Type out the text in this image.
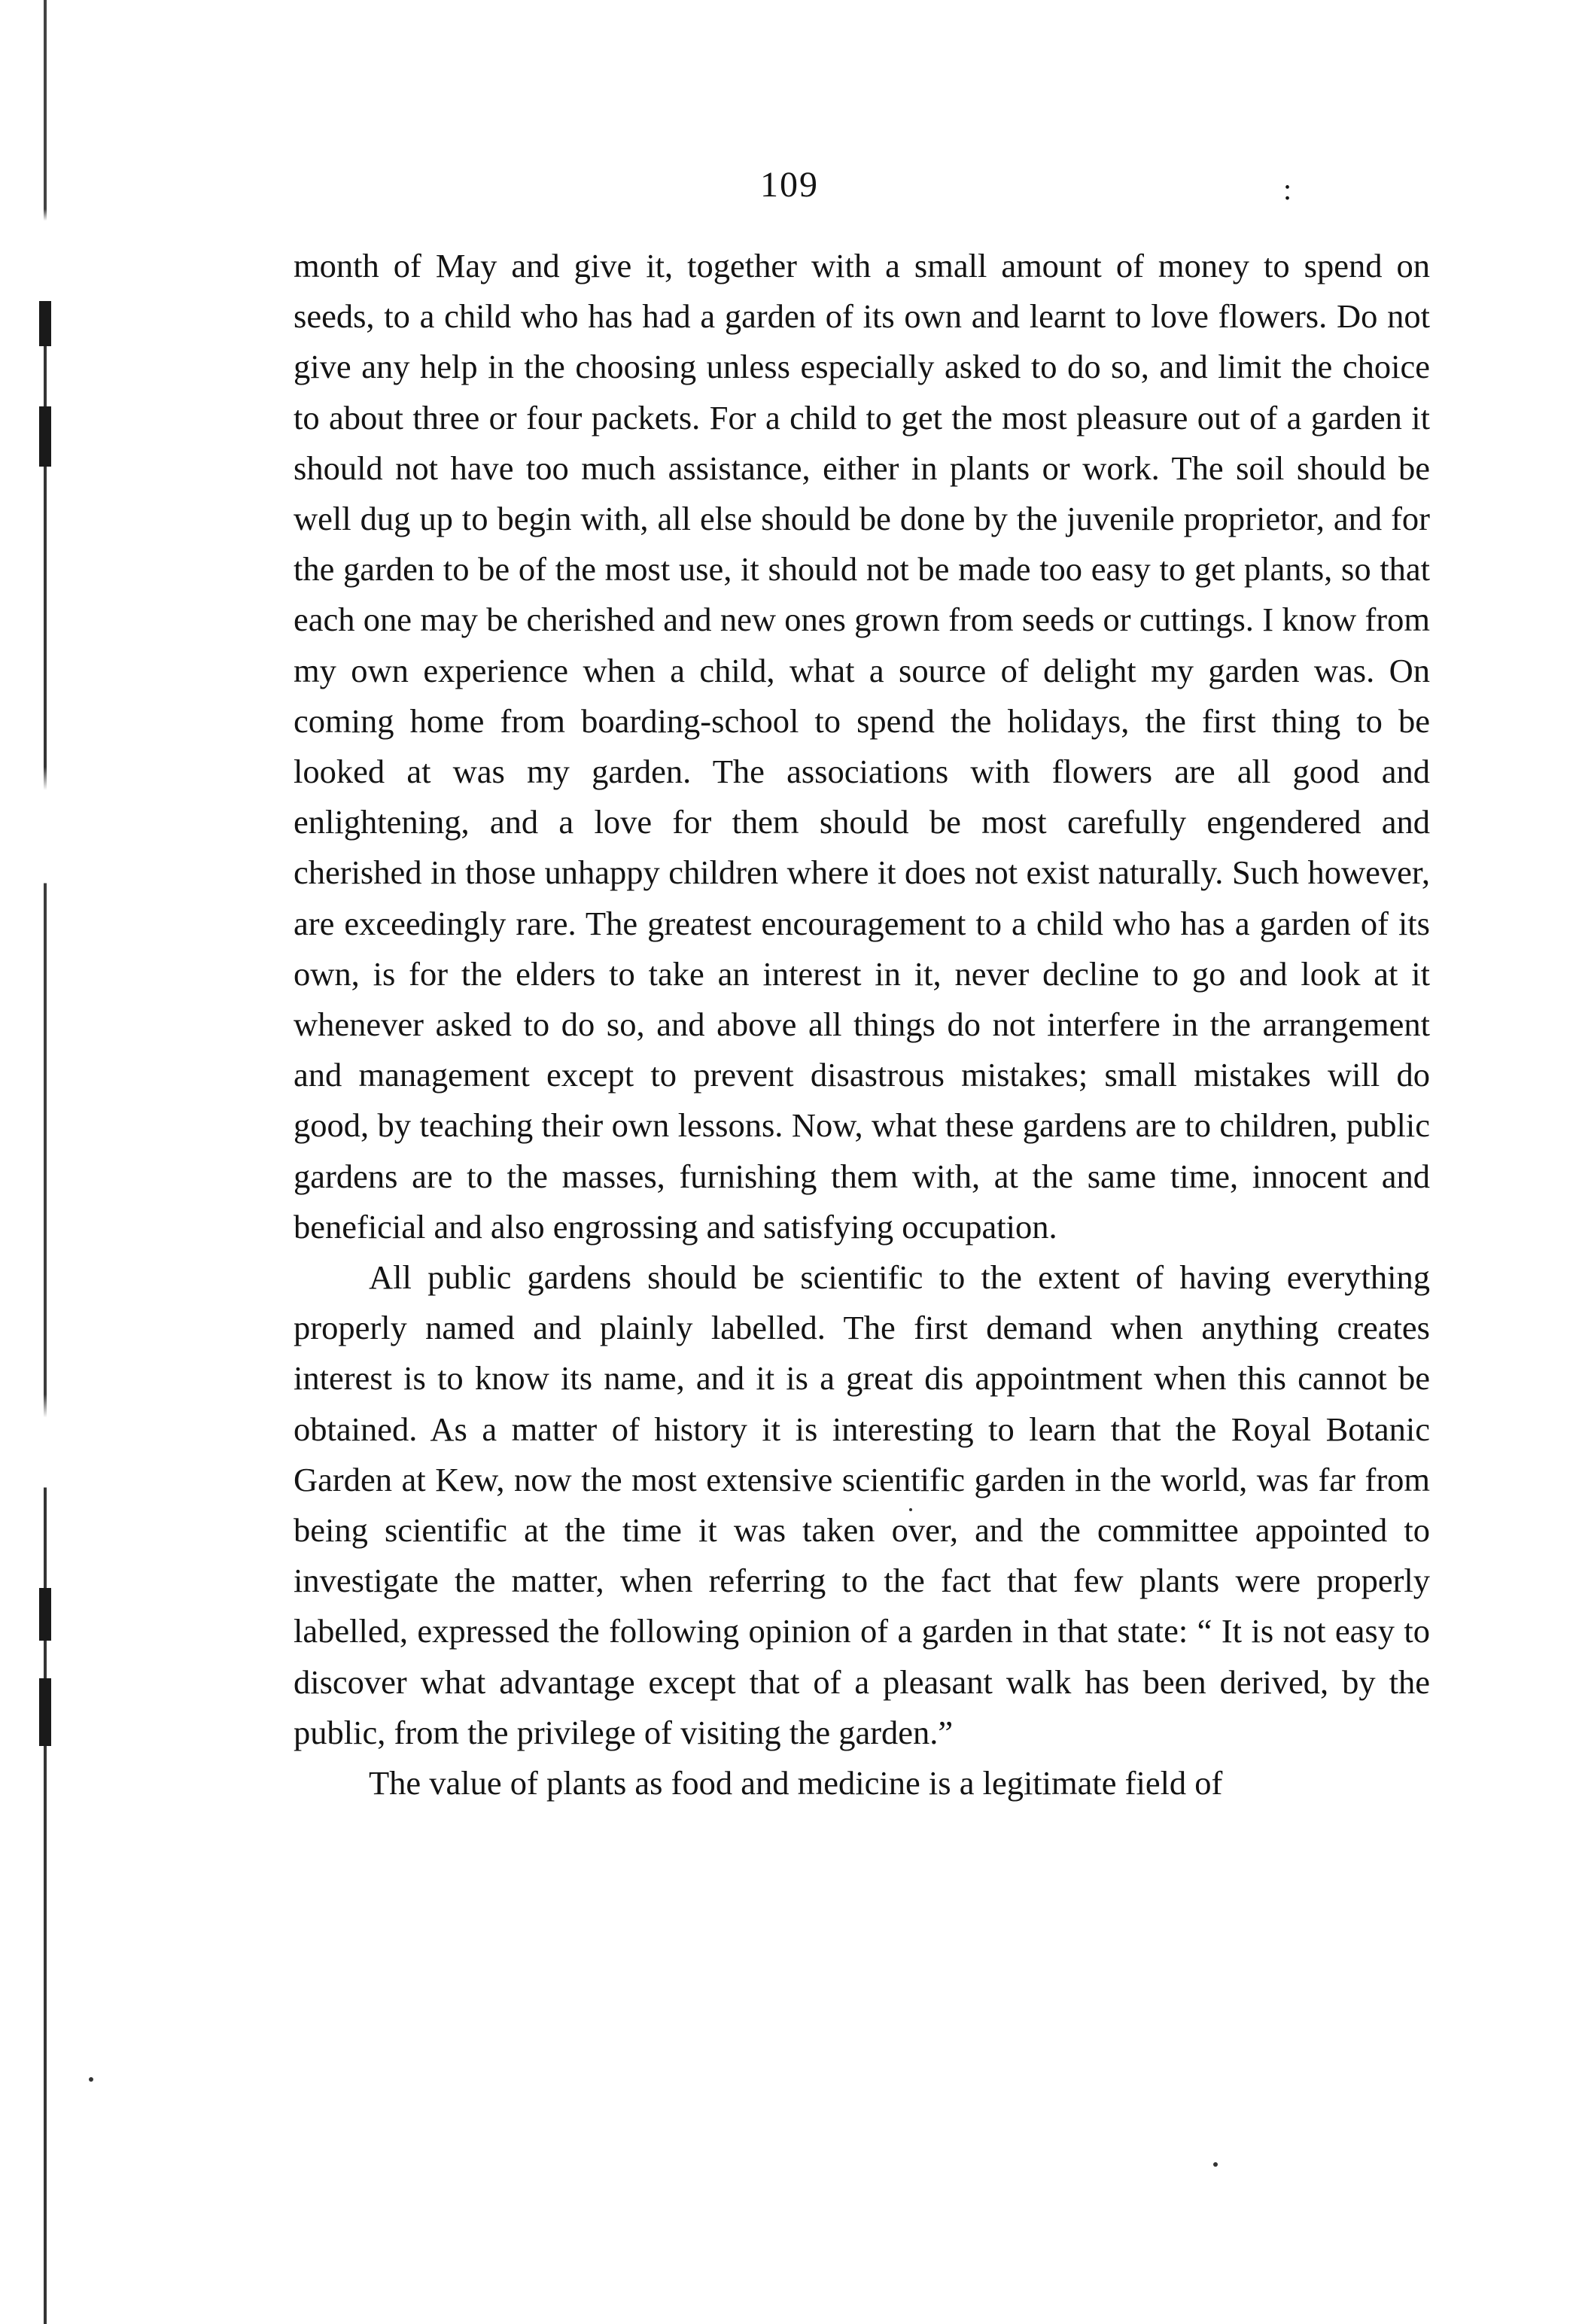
109	:

month of May and give it, together with a small amount of money to spend on seeds, to a child who has had a garden of its own and learnt to love flowers. Do not give any help in the choosing unless especially asked to do so, and limit the choice to about three or four packets. For a child to get the most pleasure out of a garden it should not have too much assistance, either in plants or work. The soil should be well dug up to begin with, all else should be done by the juvenile proprietor, and for the garden to be of the most use, it should not be made too easy to get plants, so that each one may be cherished and new ones grown from seeds or cuttings. I know from my own experience when a child, what a source of delight my garden was. On coming home from boarding-school to spend the holidays, the first thing to be looked at was my garden. The associations with flowers are all good and enlightening, and a love for them should be most carefully engendered and cherished in those unhappy children where it does not exist naturally. Such however, are exceedingly rare. The greatest encouragement to a child who has a garden of its own, is for the elders to take an interest in it, never decline to go and look at it whenever asked to do so, and above all things do not interfere in the arrangement and management except to prevent disastrous mistakes; small mistakes will do good, by teaching their own lessons. Now, what these gardens are to children, public gardens are to the masses, furnishing them with, at the same time, innocent and beneficial and also engrossing and satisfying occupation.

All public gardens should be scientific to the extent of having everything properly named and plainly labelled. The first demand when anything creates interest is to know its name, and it is a great dis appointment when this cannot be obtained. As a matter of history it is interesting to learn that the Royal Botanic Garden at Kew, now the most extensive scientific garden in the world, was far from being scientific at the time it was taken over, and the committee appointed to investigate the matter, when referring to the fact that few plants were properly labelled, expressed the following opinion of a garden in that state: “ It is not easy to discover what advantage except that of a pleasant walk has been derived, by the public, from the privilege of visiting the garden.”

The value of plants as food and medicine is a legitimate field of
